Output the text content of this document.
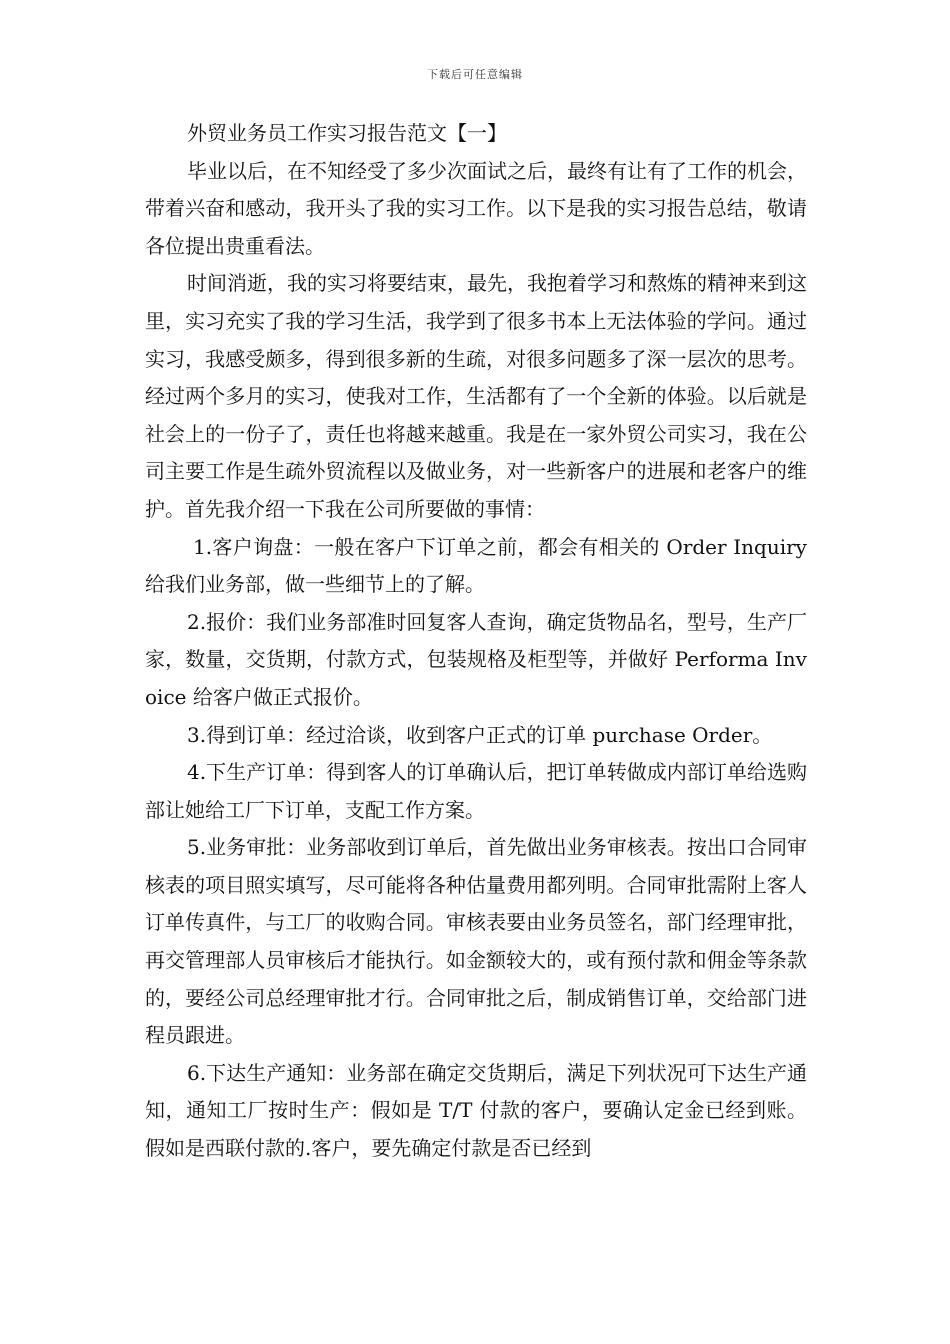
下载后可任意编辑

外贸业务员工作实习报告范文【一】

毕业以后，在不知经受了多少次面试之后，最终有让有了工作的机会，带着兴奋和感动，我开头了我的实习工作。以下是我的实习报告总结，敬请各位提出贵重看法。

时间消逝，我的实习将要结束，最先，我抱着学习和熬炼的精神来到这里，实习充实了我的学习生活，我学到了很多书本上无法体验的学问。通过实习，我感受颇多，得到很多新的生疏，对很多问题多了深一层次的思考。经过两个多月的实习，使我对工作，生活都有了一个全新的体验。以后就是社会上的一份子了，责任也将越来越重。我是在一家外贸公司实习，我在公司主要工作是生疏外贸流程以及做业务，对一些新客户的进展和老客户的维护。首先我介绍一下我在公司所要做的事情：

1.客户询盘：一般在客户下订单之前，都会有相关的 Order Inquiry 给我们业务部，做一些细节上的了解。

2.报价：我们业务部准时回复客人查询，确定货物品名，型号，生产厂家，数量，交货期，付款方式，包装规格及柜型等，并做好 Performa Invoice 给客户做正式报价。

3.得到订单：经过洽谈，收到客户正式的订单 purchase Order。

4.下生产订单：得到客人的订单确认后，把订单转做成内部订单给选购部让她给工厂下订单，支配工作方案。

5.业务审批：业务部收到订单后，首先做出业务审核表。按出口合同审核表的项目照实填写，尽可能将各种估量费用都列明。合同审批需附上客人订单传真件，与工厂的收购合同。审核表要由业务员签名，部门经理审批，再交管理部人员审核后才能执行。如金额较大的，或有预付款和佣金等条款的，要经公司总经理审批才行。合同审批之后，制成销售订单，交给部门进程员跟进。

6.下达生产通知：业务部在确定交货期后，满足下列状况可下达生产通知，通知工厂按时生产：假如是 T/T 付款的客户，要确认定金已经到账。假如是西联付款的.客户，要先确定付款是否已经到
